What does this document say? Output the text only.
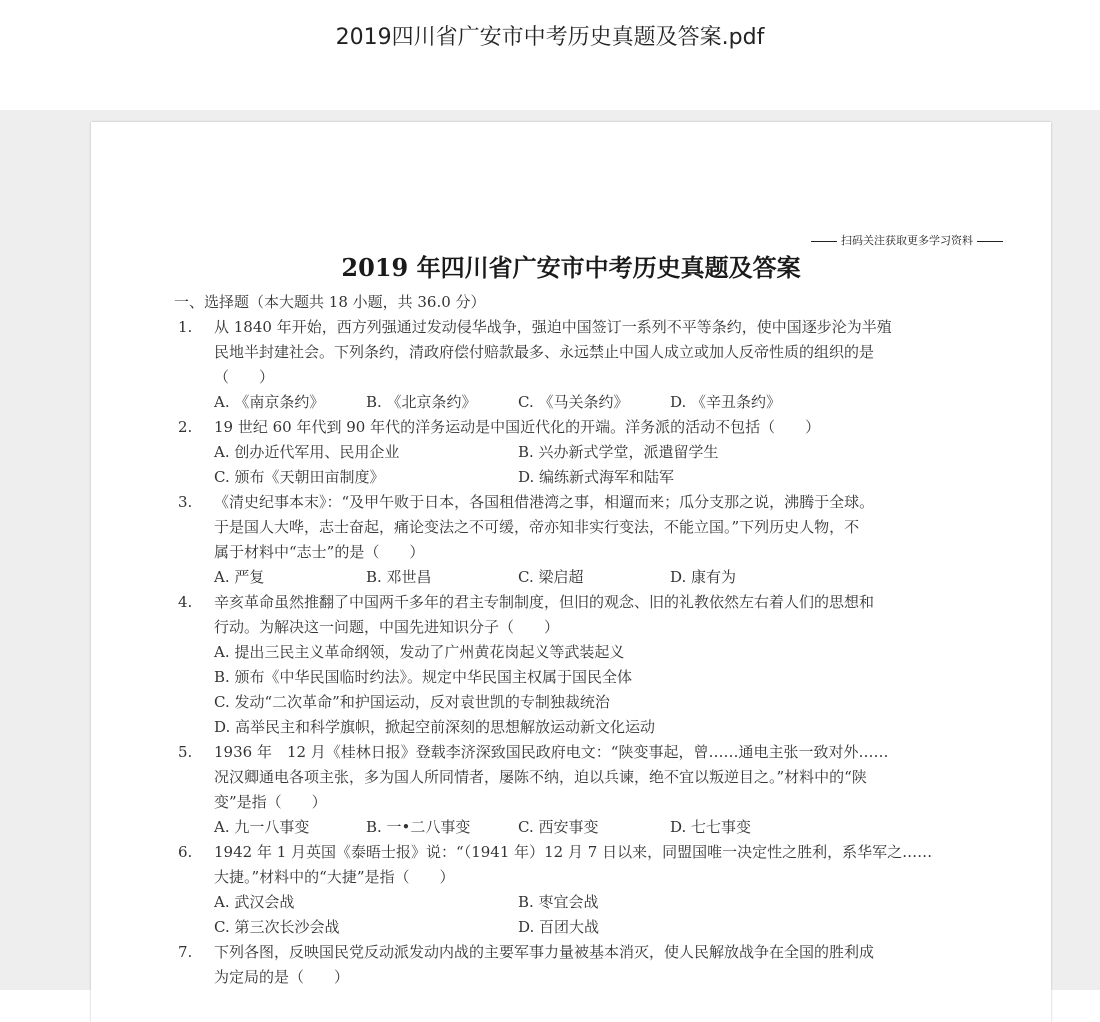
2019四川省广安市中考历史真题及答案.pdf
扫码关注获取更多学习资料
2019 年四川省广安市中考历史真题及答案
一、选择题（本大题共 18 小题，共 36.0 分）
1.	从 1840 年开始，西方列强通过发动侵华战争，强迫中国签订一系列不平等条约，使中国逐步沦为半殖
民地半封建社会。下列条约，清政府偿付赔款最多、永远禁止中国人成立或加人反帝性质的组织的是
（　　）
A. 《南京条约》	B. 《北京条约》	C. 《马关条约》	D. 《辛丑条约》
2.	19 世纪 60 年代到 90 年代的洋务运动是中国近代化的开端。洋务派的活动不包括（　　）
A. 创办近代军用、民用企业	B. 兴办新式学堂，派遣留学生
C. 颁布《天朝田亩制度》	D. 编练新式海军和陆军
3.	《清史纪事本末》：“及甲午败于日本，各国租借港湾之事，相遛而来；瓜分支那之说，沸腾于全球。
于是国人大哗，志士奋起，痛论变法之不可缓，帝亦知非实行变法，不能立国。”下列历史人物，不
属于材料中“志士”的是（　　）
A. 严复	B. 邓世昌	C. 梁启超	D. 康有为
4.	辛亥革命虽然推翻了中国两千多年的君主专制制度，但旧的观念、旧的礼教依然左右着人们的思想和
行动。为解决这一问题，中国先进知识分子（　　）
A. 提出三民主义革命纲领，发动了广州黄花岗起义等武装起义
B. 颁布《中华民国临时约法》。规定中华民国主权属于国民全体
C. 发动“二次革命”和护国运动，反对袁世凯的专制独裁统治
D. 高举民主和科学旗帜，掀起空前深刻的思想解放运动新文化运动
5.	1936 年　12 月《桂林日报》登载李济深致国民政府电文：“陕变事起，曾……通电主张一致对外……
况汉卿通电各项主张，多为国人所同情者，屡陈不纳，迫以兵谏，绝不宜以叛逆目之。”材料中的“陕
变”是指（　　）
A. 九一八事变	B. 一•二八事变	C. 西安事变	D. 七七事变
6.	1942 年 1 月英国《泰晤士报》说：“（1941 年）12 月 7 日以来，同盟国唯一决定性之胜利，系华军之……
大捷。”材料中的“大捷”是指（　　）
A. 武汉会战	B. 枣宜会战
C. 第三次长沙会战	D. 百团大战
7.	下列各图，反映国民党反动派发动内战的主要军事力量被基本消灭，使人民解放战争在全国的胜利成
为定局的是（　　）
